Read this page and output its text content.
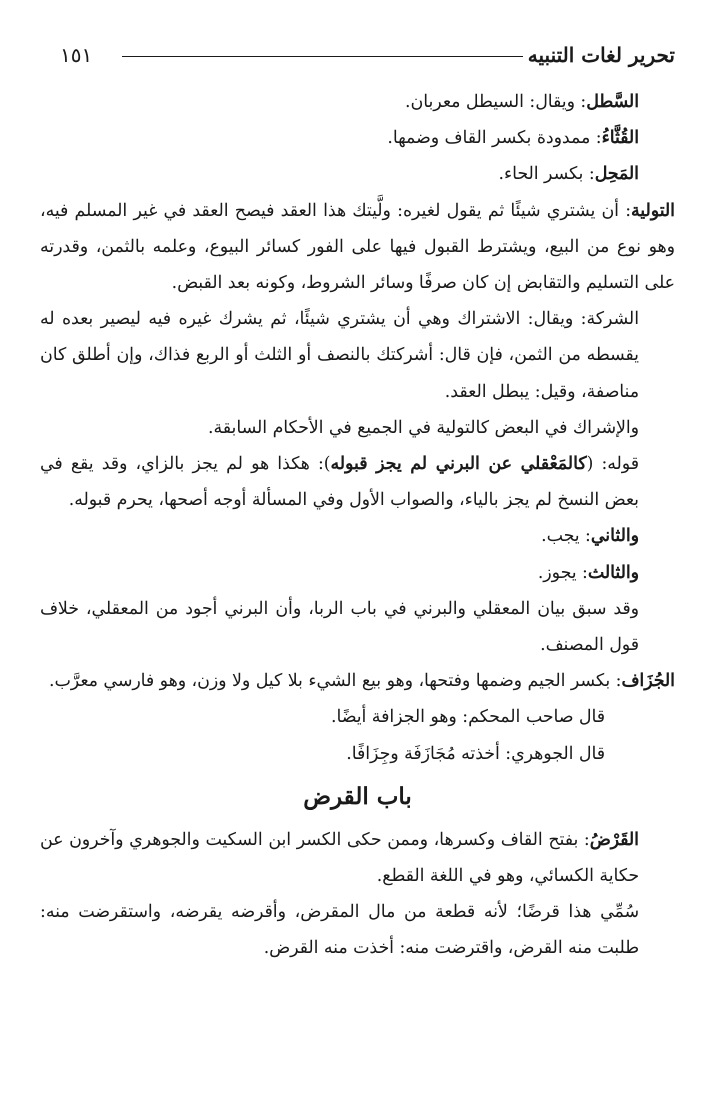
تحرير لغات التنبيه
١٥١

السَّطل: ويقال: السيطل معربان.

القُثَّاءُ: ممدودة بكسر القاف وضمها.

المَحِل: بكسر الحاء.

التولية: أن يشتري شيئًا ثم يقول لغيره: ولَّيتك هذا العقد فيصح العقد في غير المسلم فيه، وهو نوع من البيع، ويشترط القبول فيها على الفور كسائر البيوع، وعلمه بالثمن، وقدرته على التسليم والتقابض إن كان صرفًا وسائر الشروط، وكونه بعد القبض.

الشركة: ويقال: الاشتراك وهي أن يشتري شيئًا، ثم يشرك غيره فيه ليصير بعده له يقسطه من الثمن، فإن قال: أشركتك بالنصف أو الثلث أو الربع فذاك، وإن أطلق كان مناصفة، وقيل: يبطل العقد.

والإشراك في البعض كالتولية في الجميع في الأحكام السابقة.

قوله: (كالمَعْقلي عن البرني لم يجز قبوله): هكذا هو لم يجز بالزاي، وقد يقع في بعض النسخ لم يجز بالياء، والصواب الأول وفي المسألة أوجه أصحها، يحرم قبوله.

والثاني: يجب.

والثالث: يجوز.

وقد سبق بيان المعقلي والبرني في باب الربا، وأن البرني أجود من المعقلي، خلاف قول المصنف.

الجُزَاف: بكسر الجيم وضمها وفتحها، وهو بيع الشيء بلا كيل ولا وزن، وهو فارسي معرَّب.

قال صاحب المحكم: وهو الجزافة أيضًا.

قال الجوهري: أخذته مُجَازَفَة وجِزَافًا.

باب القرض

القَرْضُ: بفتح القاف وكسرها، وممن حكى الكسر ابن السكيت والجوهري وآخرون عن حكاية الكسائي، وهو في اللغة القطع.

سُمِّي هذا قرضًا؛ لأنه قطعة من مال المقرض، وأقرضه يقرضه، واستقرضت منه: طلبت منه القرض، واقترضت منه: أخذت منه القرض.
